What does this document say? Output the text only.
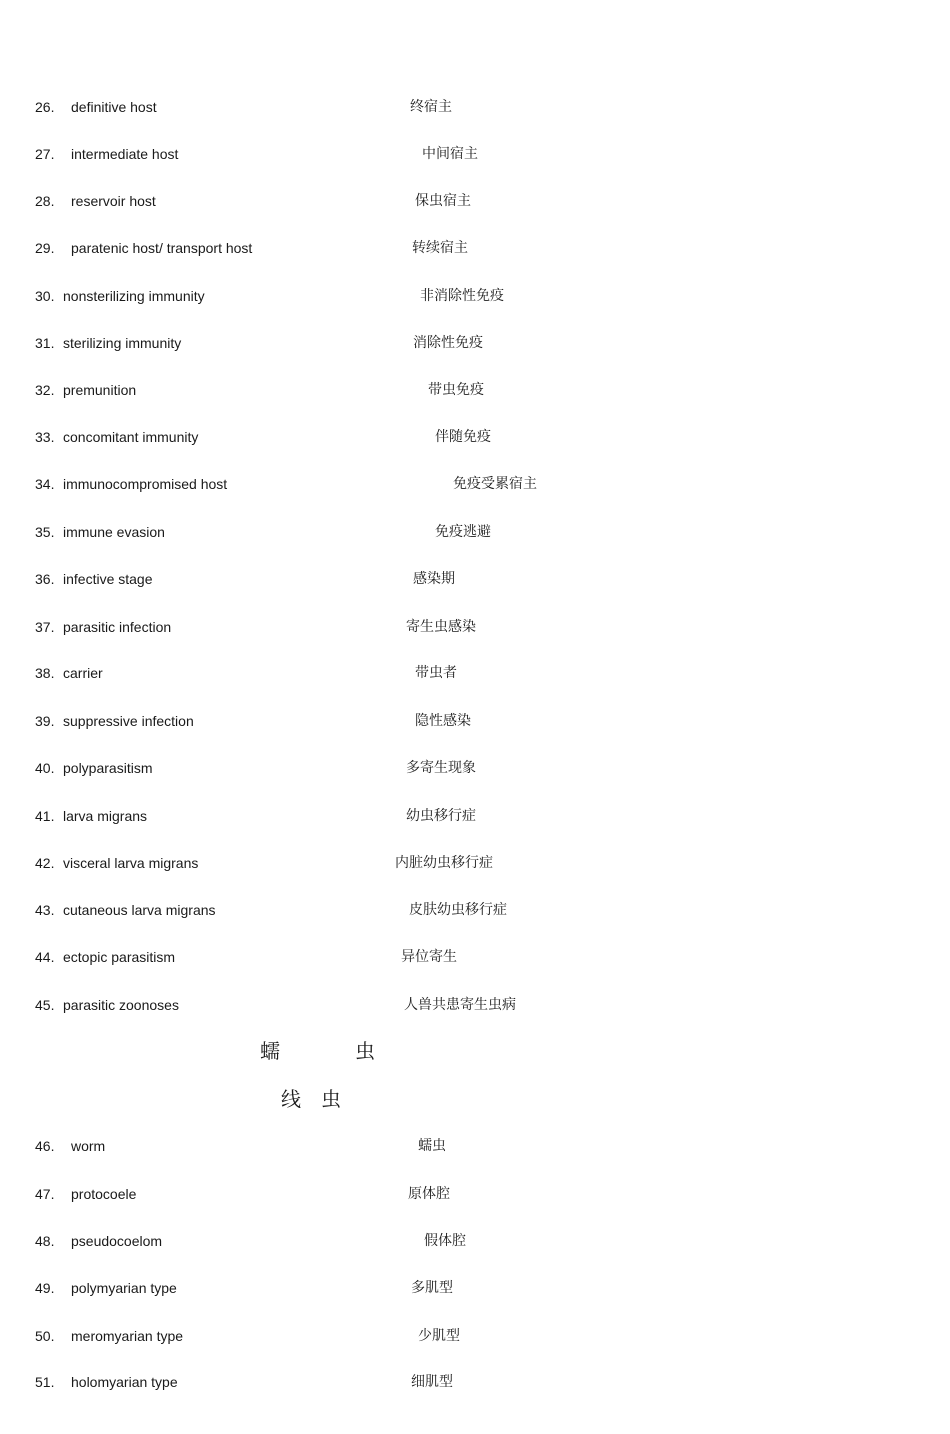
26. definitive host	终宿主
27. intermediate host	中间宿主
28. reservoir host	保虫宿主
29. paratenic host/ transport host	转续宿主
30. nonsterilizing immunity	非消除性免疫
31. sterilizing immunity	消除性免疫
32. premunition	带虫免疫
33. concomitant immunity	伴随免疫
34. immunocompromised host	免疫受累宿主
35. immune evasion	免疫逃避
36. infective stage	感染期
37. parasitic infection	寄生虫感染
38. carrier	带虫者
39. suppressive infection	隐性感染
40. polyparasitism	多寄生现象
41. larva migrans	幼虫移行症
42. visceral larva migrans	内脏幼虫移行症
43. cutaneous larva migrans	皮肤幼虫移行症
44. ectopic parasitism	异位寄生
45. parasitic zoonoses	人兽共患寄生虫病
蠕	虫
线　虫
46. worm	蠕虫
47. protocoele	原体腔
48. pseudocoelom	假体腔
49. polymyarian type	多肌型
50. meromyarian type	少肌型
51. holomyarian type	细肌型
